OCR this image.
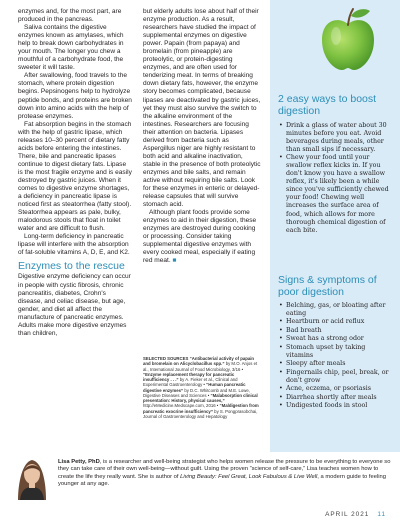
enzymes and, for the most part, are produced in the pancreas.

Saliva contains the digestive enzymes known as amylases, which help to break down carbohydrates in your mouth. The longer you chew a mouthful of a carbohydrate food, the sweeter it will taste.

After swallowing, food travels to the stomach, where protein digestion begins. Pepsinogens help to hydrolyze peptide bonds, and proteins are broken down into amino acids with the help of protease enzymes.

Fat absorption begins in the stomach with the help of gastric lipase, which releases 10–30 percent of dietary fatty acids before entering the intestines. There, bile and pancreatic lipases continue to digest dietary fats. Lipase is the most fragile enzyme and is easily destroyed by gastric juices. When it comes to digestive enzyme shortages, a deficiency in pancreatic lipase is noticed first as steatorrhea (fatty stool). Steatorrhea appears as pale, bulky, malodorous stools that float in toilet water and are difficult to flush.

Long-term deficiency in pancreatic lipase will interfere with the absorption of fat-soluble vitamins A, D, E, and K2.

Enzymes to the rescue

Digestive enzyme deficiency can occur in people with cystic fibrosis, chronic pancreatitis, diabetes, Crohn's disease, and celiac disease, but age, gender, and diet all affect the manufacture of pancreatic enzymes. Adults make more digestive enzymes than children,

but elderly adults lose about half of their enzyme production. As a result, researchers have studied the impact of supplemental enzymes on digestive power. Papain (from papaya) and bromelain (from pineapple) are proteolytic, or protein-digesting enzymes, and are often used for tenderizing meat. In terms of breaking down dietary fats, however, the enzyme story becomes complicated, because lipases are deactivated by gastric juices, yet they must also survive the switch to the alkaline environment of the intestines. Researchers are focusing their attention on bacteria. Lipases derived from bacteria such as Aspergillus niger are highly resistant to both acid and alkaline inactivation, stable in the presence of both proteolytic enzymes and bile salts, and remain active without requiring bile salts. Look for these enzymes in enteric or delayed-release capsules that will survive stomach acid.

Although plant foods provide some enzymes to aid in their digestion, these enzymes are destroyed during cooking or processing. Consider taking supplemental digestive enzymes with every cooked meal, especially if eating red meat. ■

SELECTED SOURCES “Antibacterial activity of papain and bromelain on Alicyclobacillus spp.” by M.O. Anjos et al., International Journal of Food Microbiology, 3/16 • “Enzyme replacement therapy for pancreatic insufficiency . . .” by A. Fieker et al., Clinical and Experimental Gastroenterology • “Human pancreatic digestive enzymes” by D.C. Whitcomb and M.E. Lowe, Digestive Diseases and Sciences • “Malabsorption clinical presentation: History, physical causes,” http://eMedicine.Medscape.com, 2016 • “Maldigestion from pancreatic exocrine insufficiency” by S. Pongprasobchai, Journal of Gastroenterology and Hepatology
2 easy ways to boost digestion
• Drink a glass of water about 30 minutes before you eat. Avoid beverages during meals, other than small sips if necessary.
• Chew your food until your swallow reflex kicks in. If you don't know you have a swallow reflex, it's likely been a while since you've sufficiently chewed your food! Chewing well increases the surface area of food, which allows for more thorough chemical digestion of each bite.
Signs & symptoms of poor digestion
• Belching, gas, or bloating after eating
• Heartburn or acid reflux
• Bad breath
• Sweat has a strong odor
• Stomach upset by taking vitamins
• Sleepy after meals
• Fingernails chip, peel, break, or don't grow
• Acne, eczema, or psoriasis
• Diarrhea shortly after meals
• Undigested foods in stool
Lisa Petty, PhD, is a researcher and well-being strategist who helps women release the pressure to be everything to everyone so they can take care of their own well-being—without guilt. Using the proven “science of self-care,” Lisa teaches women how to create the life they really want. She is author of Living Beauty: Feel Great, Look Fabulous & Live Well, a modern guide to feeling younger at any age.
APRIL 2021 11
